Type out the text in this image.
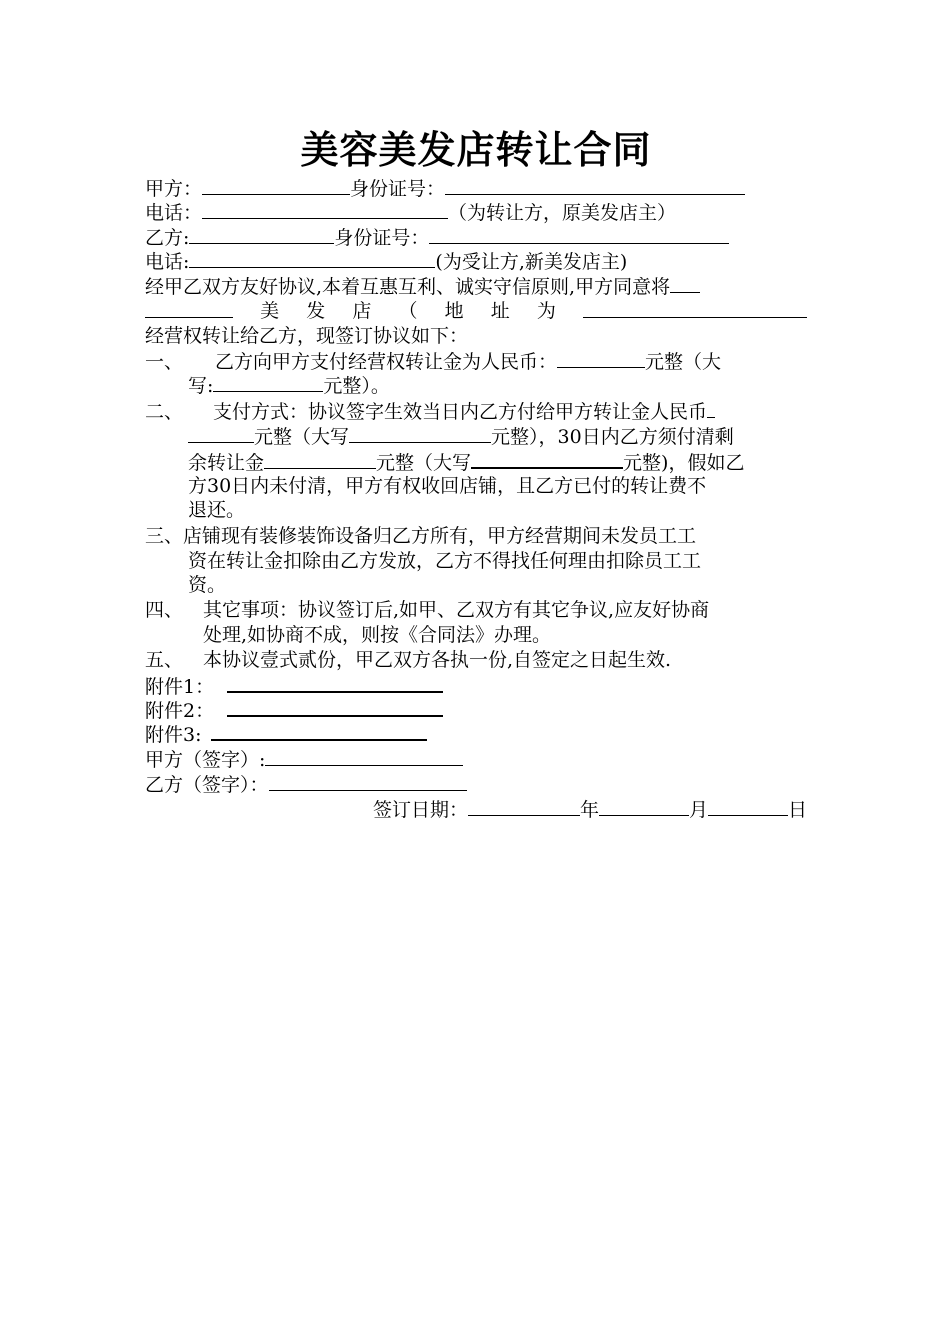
美容美发店转让合同
甲方：	身份证号：
电话：	（为转让方，原美发店主）
乙方:	身份证号：
电话:	(为受让方,新美发店主)
经甲乙双方友好协议,本着互惠互利、诚实守信原则,甲方同意将
美 发 店 （ 地 址 为
经营权转让给乙方，现签订协议如下：
一、 乙方向甲方支付经营权转让金为人民币：	元整（大
写:	元整）。
二、 支付方式：协议签字生效当日内乙方付给甲方转让金人民币
元整（大写	元整），30日内乙方须付清剩
余转让金	元整（大写	元整)，假如乙
方30日内未付清，甲方有权收回店铺，且乙方已付的转让费不
退还。
三、店铺现有装修装饰设备归乙方所有，甲方经营期间未发员工工
资在转让金扣除由乙方发放，乙方不得找任何理由扣除员工工
资。
四、 其它事项：协议签订后,如甲、乙双方有其它争议,应友好协商
处理,如协商不成，则按《合同法》办理。
五、 本协议壹式贰份，甲乙双方各执一份,自签定之日起生效.
附件1：
附件2：
附件3:
甲方（签字）:
乙方（签字）：
签订日期：	年	月	日
